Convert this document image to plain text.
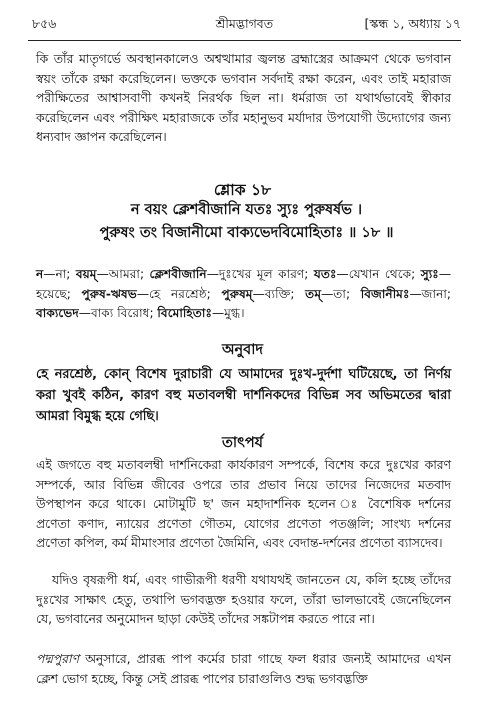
৮৫৬	শ্রীমদ্ভাগবত	[স্কন্ধ ১, অধ্যায় ১৭

কি তাঁর মাতৃগর্ভে অবস্থানকালেও অশ্বত্থামার জ্বলন্ত ব্রহ্মাস্ত্রের আক্রমণ থেকে ভগবান স্বয়ং তাঁকে রক্ষা করেছিলেন। ভক্তকে ভগবান সর্বদাই রক্ষা করেন, এবং তাই মহারাজ পরীক্ষিতের আশ্বাসবাণী কখনই নিরর্থক ছিল না। ধর্মরাজ তা যথার্থভাবেই স্বীকার করেছিলেন এবং পরীক্ষিৎ মহারাজকে তাঁর মহানুভব মর্যাদার উপযোগী উদ্যোগের জন্য ধন্যবাদ জ্ঞাপন করেছিলেন।

শ্লোক ১৮
ন বয়ং ক্লেশবীজানি যতঃ স্যুঃ পুরুষর্ষভ ।
পুরুষং তং বিজানীমো বাক্যভেদবিমোহিতাঃ ॥ ১৮ ॥
ন—না; বয়ম্—আমরা; ক্লেশবীজানি—দুঃখের মূল কারণ; যতঃ—যেখান থেকে; স্যুঃ—হয়েছে; পুরুষ-ঋষভ—হে নরশ্রেষ্ঠ; পুরুষম্—ব্যক্তি; তম্—তা; বিজানীমঃ—জানা; বাক্যভেদ—বাক্য বিরোধ; বিমোহিতাঃ—মুগ্ধ।
অনুবাদ
হে নরশ্রেষ্ঠ, কোন্ বিশেষ দুরাচারী যে আমাদের দুঃখ-দুর্দশা ঘটিয়েছে, তা নির্ণয় করা খুবই কঠিন, কারণ বহু মতাবলম্বী দার্শনিকদের বিভিন্ন সব অভিমতের দ্বারা আমরা বিমুগ্ধ হয়ে গেছি।
তাৎপর্য

এই জগতে বহু মতাবলম্বী দার্শনিকেরা কার্যকারণ সম্পর্কে, বিশেষ করে দুঃখের কারণ সম্পর্কে, আর বিভিন্ন জীবের ওপরে তার প্রভাব নিয়ে তাদের নিজেদের মতবাদ উপস্থাপন করে থাকে। মোটামুটি ছ' জন মহাদার্শনিক হলেন ঃ বৈশেষিক দর্শনের প্রণেতা কণাদ, ন্যায়ের প্রণেতা গৌতম, যোগের প্রণেতা পতঞ্জলি; সাংখ্য দর্শনের প্রণেতা কপিল, কর্ম মীমাংসার প্রণেতা জৈমিনি, এবং বেদান্ত-দর্শনের প্রণেতা ব্যাসদেব।

যদিও বৃষরূপী ধর্ম, এবং গাভীরূপী ধরণী যথাযথই জানতেন যে, কলি হচ্ছে তাঁদের দুঃখের সাক্ষাৎ হেতু, তথাপি ভগবদ্ভক্ত হওয়ার ফলে, তাঁরা ভালভাবেই জেনেছিলেন যে, ভগবানের অনুমোদন ছাড়া কেউই তাঁদের সঙ্কটাপন্ন করতে পারে না।

পদ্মপুরাণ অনুসারে, প্রারব্ধ পাপ কর্মের চারা গাছে ফল ধরার জন্যই আমাদের এখন ক্লেশ ভোগ হচ্ছে, কিন্তু সেই প্রারব্ধ পাপের চারাগুলিও শুদ্ধ ভগবদ্ভক্তি
